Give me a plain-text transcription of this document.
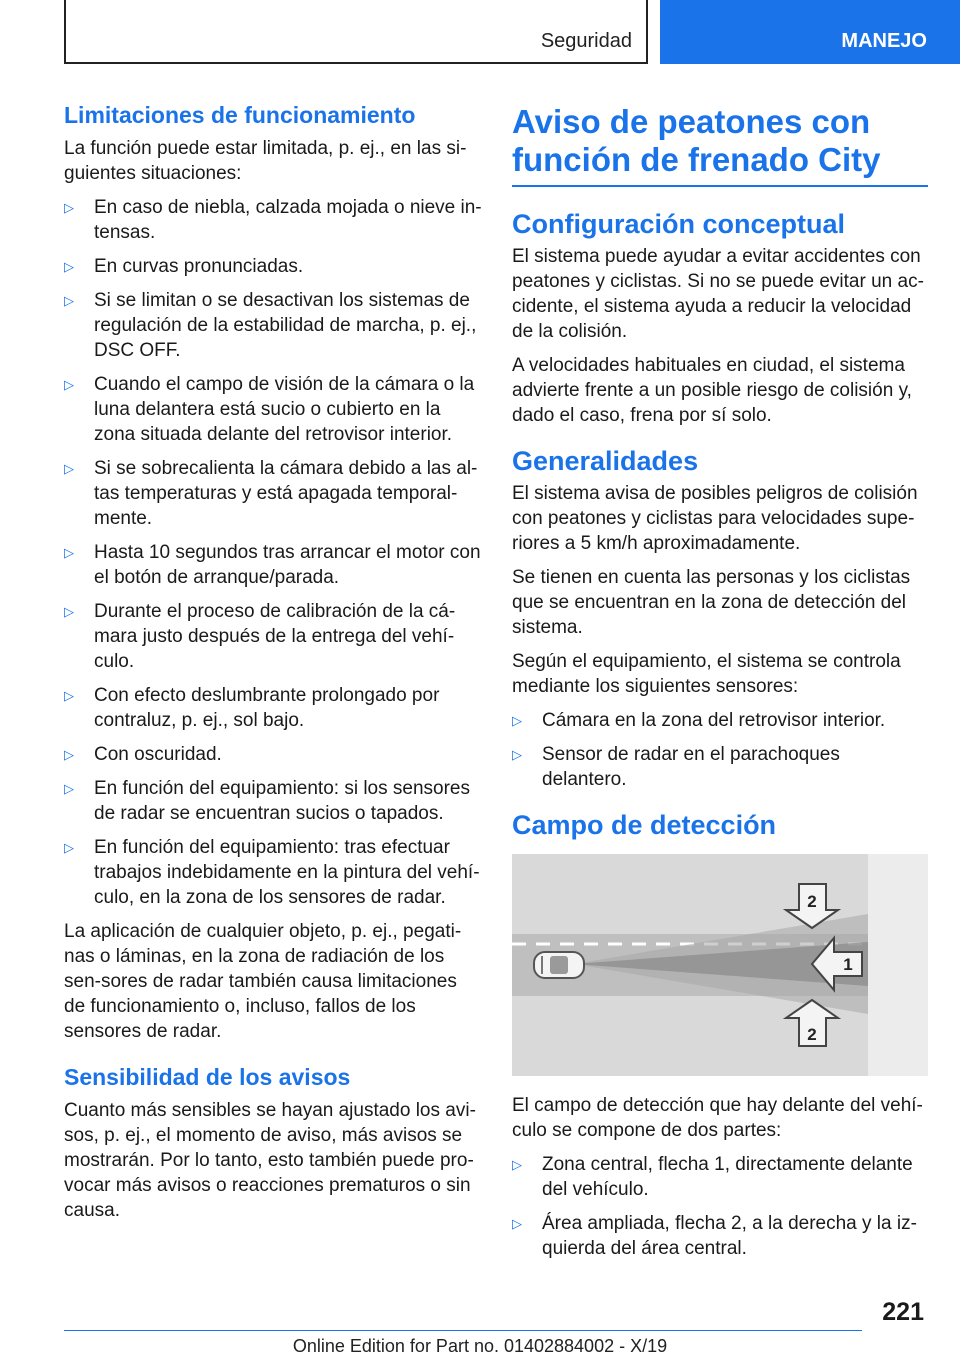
Seguridad	MANEJO
Limitaciones de funcionamiento

La función puede estar limitada, p. ej., en las si-guientes situaciones:

▷	En caso de niebla, calzada mojada o nieve in-tensas.
▷	En curvas pronunciadas.
▷	Si se limitan o se desactivan los sistemas de regulación de la estabilidad de marcha, p. ej., DSC OFF.
▷	Cuando el campo de visión de la cámara o la luna delantera está sucio o cubierto en la zona situada delante del retrovisor interior.
▷	Si se sobrecalienta la cámara debido a las al-tas temperaturas y está apagada temporal-mente.
▷	Hasta 10 segundos tras arrancar el motor con el botón de arranque/parada.
▷	Durante el proceso de calibración de la cá-mara justo después de la entrega del vehí-culo.
▷	Con efecto deslumbrante prolongado por contraluz, p. ej., sol bajo.
▷	Con oscuridad.
▷	En función del equipamiento: si los sensores de radar se encuentran sucios o tapados.
▷	En función del equipamiento: tras efectuar trabajos indebidamente en la pintura del vehí-culo, en la zona de los sensores de radar.

La aplicación de cualquier objeto, p. ej., pegati-nas o láminas, en la zona de radiación de los sen-sores de radar también causa limitaciones de funcionamiento o, incluso, fallos de los sensores de radar.

Sensibilidad de los avisos

Cuanto más sensibles se hayan ajustado los avi-sos, p. ej., el momento de aviso, más avisos se mostrarán. Por lo tanto, esto también puede pro-vocar más avisos o reacciones prematuros o sin causa.

Aviso de peatones con función de frenado City
Configuración conceptual

El sistema puede ayudar a evitar accidentes con peatones y ciclistas. Si no se puede evitar un ac-cidente, el sistema ayuda a reducir la velocidad de la colisión.

A velocidades habituales en ciudad, el sistema advierte frente a un posible riesgo de colisión y, dado el caso, frena por sí solo.

Generalidades

El sistema avisa de posibles peligros de colisión con peatones y ciclistas para velocidades supe-riores a 5 km/h aproximadamente.

Se tienen en cuenta las personas y los ciclistas que se encuentran en la zona de detección del sistema.

Según el equipamiento, el sistema se controla mediante los siguientes sensores:

▷	Cámara en la zona del retrovisor interior.
▷	Sensor de radar en el parachoques delantero.
Campo de detección
2
1
2

El campo de detección que hay delante del vehí-culo se compone de dos partes:

▷	Zona central, flecha 1, directamente delante del vehículo.
▷	Área ampliada, flecha 2, a la derecha y la iz-quierda del área central.
221
Online Edition for Part no. 01402884002 - X/19
